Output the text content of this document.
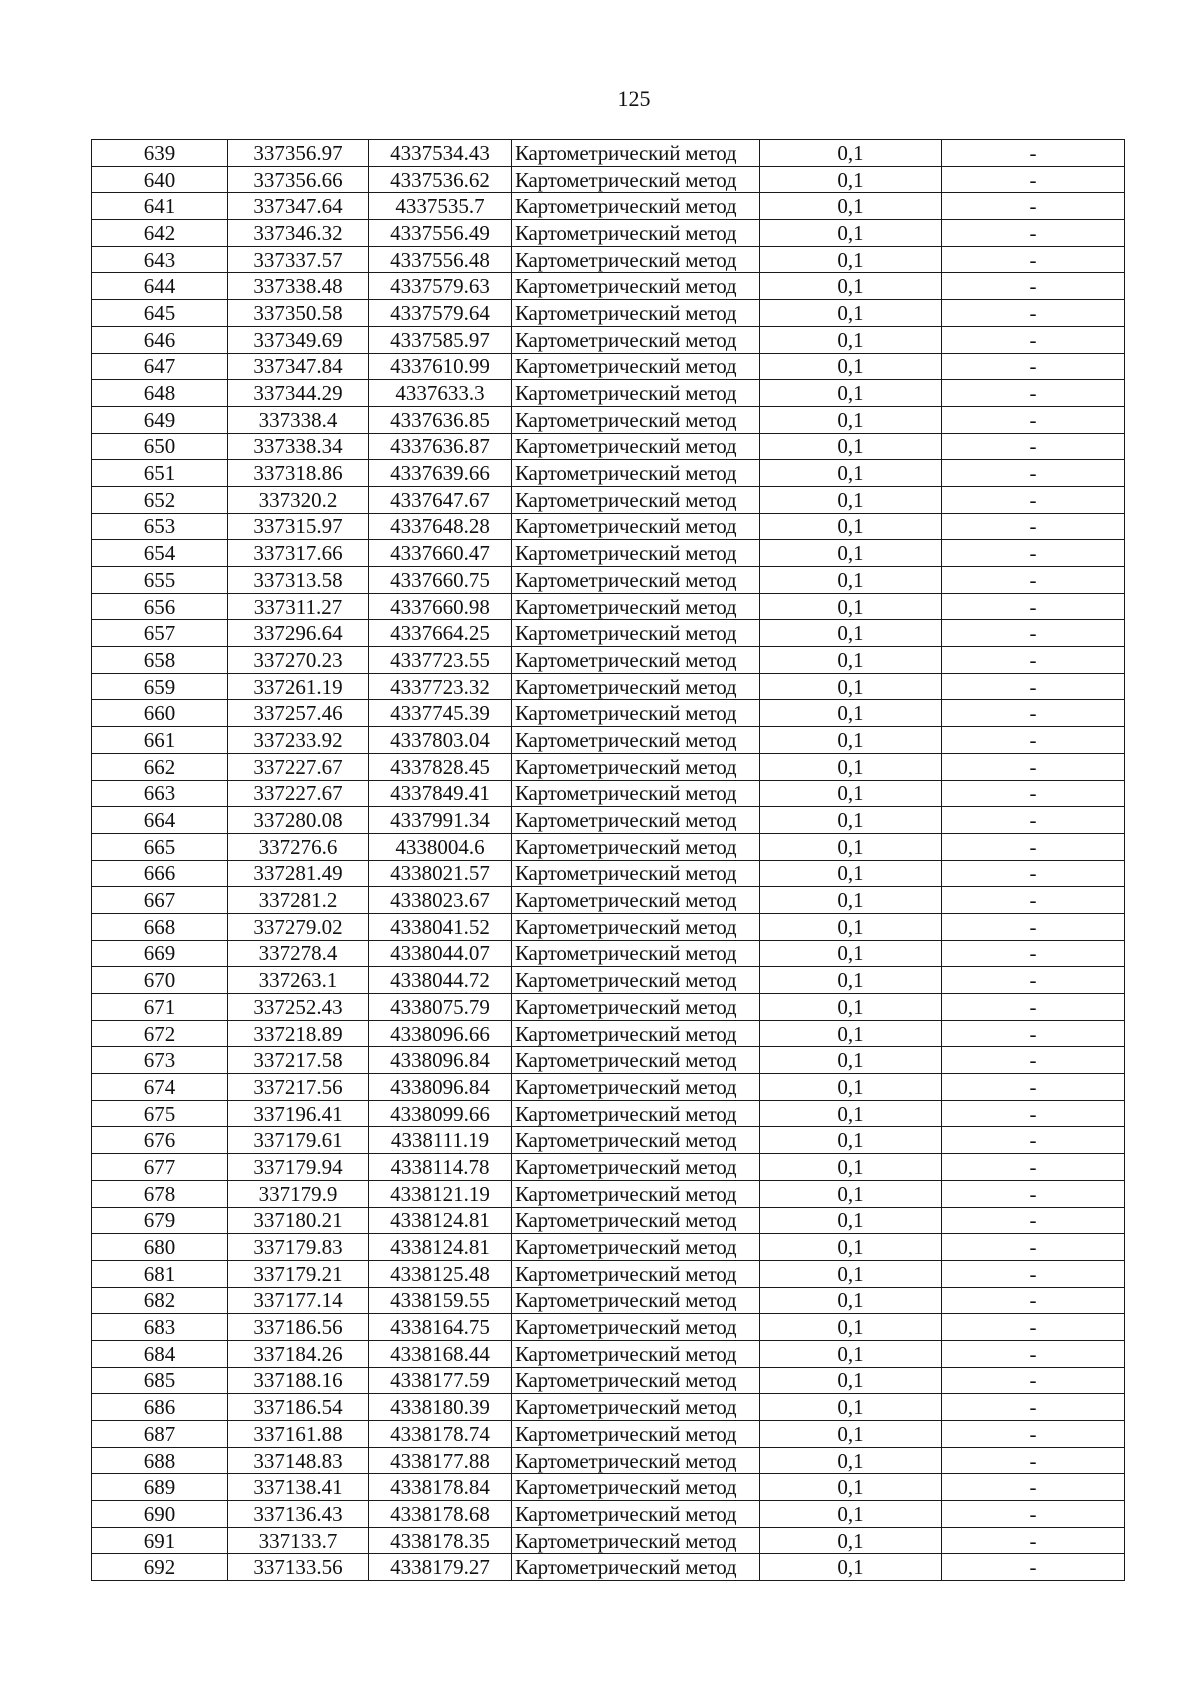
125
639	337356.97	4337534.43	Картометрический метод	0,1	-
640	337356.66	4337536.62	Картометрический метод	0,1	-
641	337347.64	4337535.7	Картометрический метод	0,1	-
642	337346.32	4337556.49	Картометрический метод	0,1	-
643	337337.57	4337556.48	Картометрический метод	0,1	-
644	337338.48	4337579.63	Картометрический метод	0,1	-
645	337350.58	4337579.64	Картометрический метод	0,1	-
646	337349.69	4337585.97	Картометрический метод	0,1	-
647	337347.84	4337610.99	Картометрический метод	0,1	-
648	337344.29	4337633.3	Картометрический метод	0,1	-
649	337338.4	4337636.85	Картометрический метод	0,1	-
650	337338.34	4337636.87	Картометрический метод	0,1	-
651	337318.86	4337639.66	Картометрический метод	0,1	-
652	337320.2	4337647.67	Картометрический метод	0,1	-
653	337315.97	4337648.28	Картометрический метод	0,1	-
654	337317.66	4337660.47	Картометрический метод	0,1	-
655	337313.58	4337660.75	Картометрический метод	0,1	-
656	337311.27	4337660.98	Картометрический метод	0,1	-
657	337296.64	4337664.25	Картометрический метод	0,1	-
658	337270.23	4337723.55	Картометрический метод	0,1	-
659	337261.19	4337723.32	Картометрический метод	0,1	-
660	337257.46	4337745.39	Картометрический метод	0,1	-
661	337233.92	4337803.04	Картометрический метод	0,1	-
662	337227.67	4337828.45	Картометрический метод	0,1	-
663	337227.67	4337849.41	Картометрический метод	0,1	-
664	337280.08	4337991.34	Картометрический метод	0,1	-
665	337276.6	4338004.6	Картометрический метод	0,1	-
666	337281.49	4338021.57	Картометрический метод	0,1	-
667	337281.2	4338023.67	Картометрический метод	0,1	-
668	337279.02	4338041.52	Картометрический метод	0,1	-
669	337278.4	4338044.07	Картометрический метод	0,1	-
670	337263.1	4338044.72	Картометрический метод	0,1	-
671	337252.43	4338075.79	Картометрический метод	0,1	-
672	337218.89	4338096.66	Картометрический метод	0,1	-
673	337217.58	4338096.84	Картометрический метод	0,1	-
674	337217.56	4338096.84	Картометрический метод	0,1	-
675	337196.41	4338099.66	Картометрический метод	0,1	-
676	337179.61	4338111.19	Картометрический метод	0,1	-
677	337179.94	4338114.78	Картометрический метод	0,1	-
678	337179.9	4338121.19	Картометрический метод	0,1	-
679	337180.21	4338124.81	Картометрический метод	0,1	-
680	337179.83	4338124.81	Картометрический метод	0,1	-
681	337179.21	4338125.48	Картометрический метод	0,1	-
682	337177.14	4338159.55	Картометрический метод	0,1	-
683	337186.56	4338164.75	Картометрический метод	0,1	-
684	337184.26	4338168.44	Картометрический метод	0,1	-
685	337188.16	4338177.59	Картометрический метод	0,1	-
686	337186.54	4338180.39	Картометрический метод	0,1	-
687	337161.88	4338178.74	Картометрический метод	0,1	-
688	337148.83	4338177.88	Картометрический метод	0,1	-
689	337138.41	4338178.84	Картометрический метод	0,1	-
690	337136.43	4338178.68	Картометрический метод	0,1	-
691	337133.7	4338178.35	Картометрический метод	0,1	-
692	337133.56	4338179.27	Картометрический метод	0,1	-
